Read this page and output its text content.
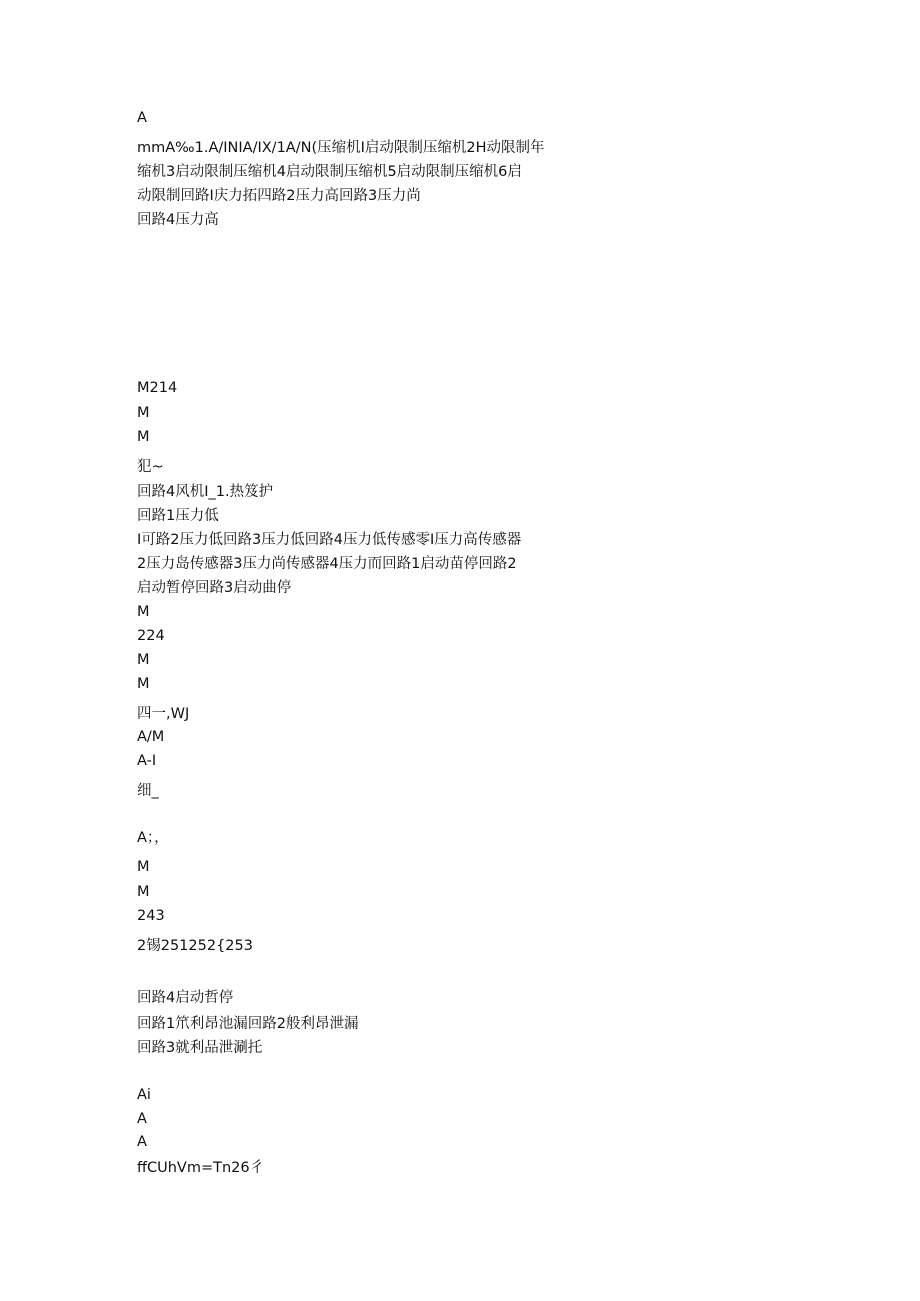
A
mmA‰1.A/INIA/IX/1A/N(压缩机I启动限制压缩机2H动限制年
缩机3启动限制压缩机4启动限制压缩机5启动限制压缩机6启
动限制回路I庆力拓四路2压力高回路3压力尚
回路4压力高
M214
M
M
犯~
回路4风机I_1.热笈护
回路1压力低
I可路2压力低回路3压力低回路4压力低传感零I压力高传感器
2压力岛传感器3压力尚传感器4压力而回路1启动苗停回路2
启动暂停回路3启动曲停
M
224
M
M
四一,WJ
A/M
A-I
细_
A；，
M
M
243
2锡251252{253
回路4启动哲停
回路1笊利昂池漏回路2般利昂泄漏
回路3就利品泄涮托
Ai
A
A
ffCUhVm=Tn26彳
